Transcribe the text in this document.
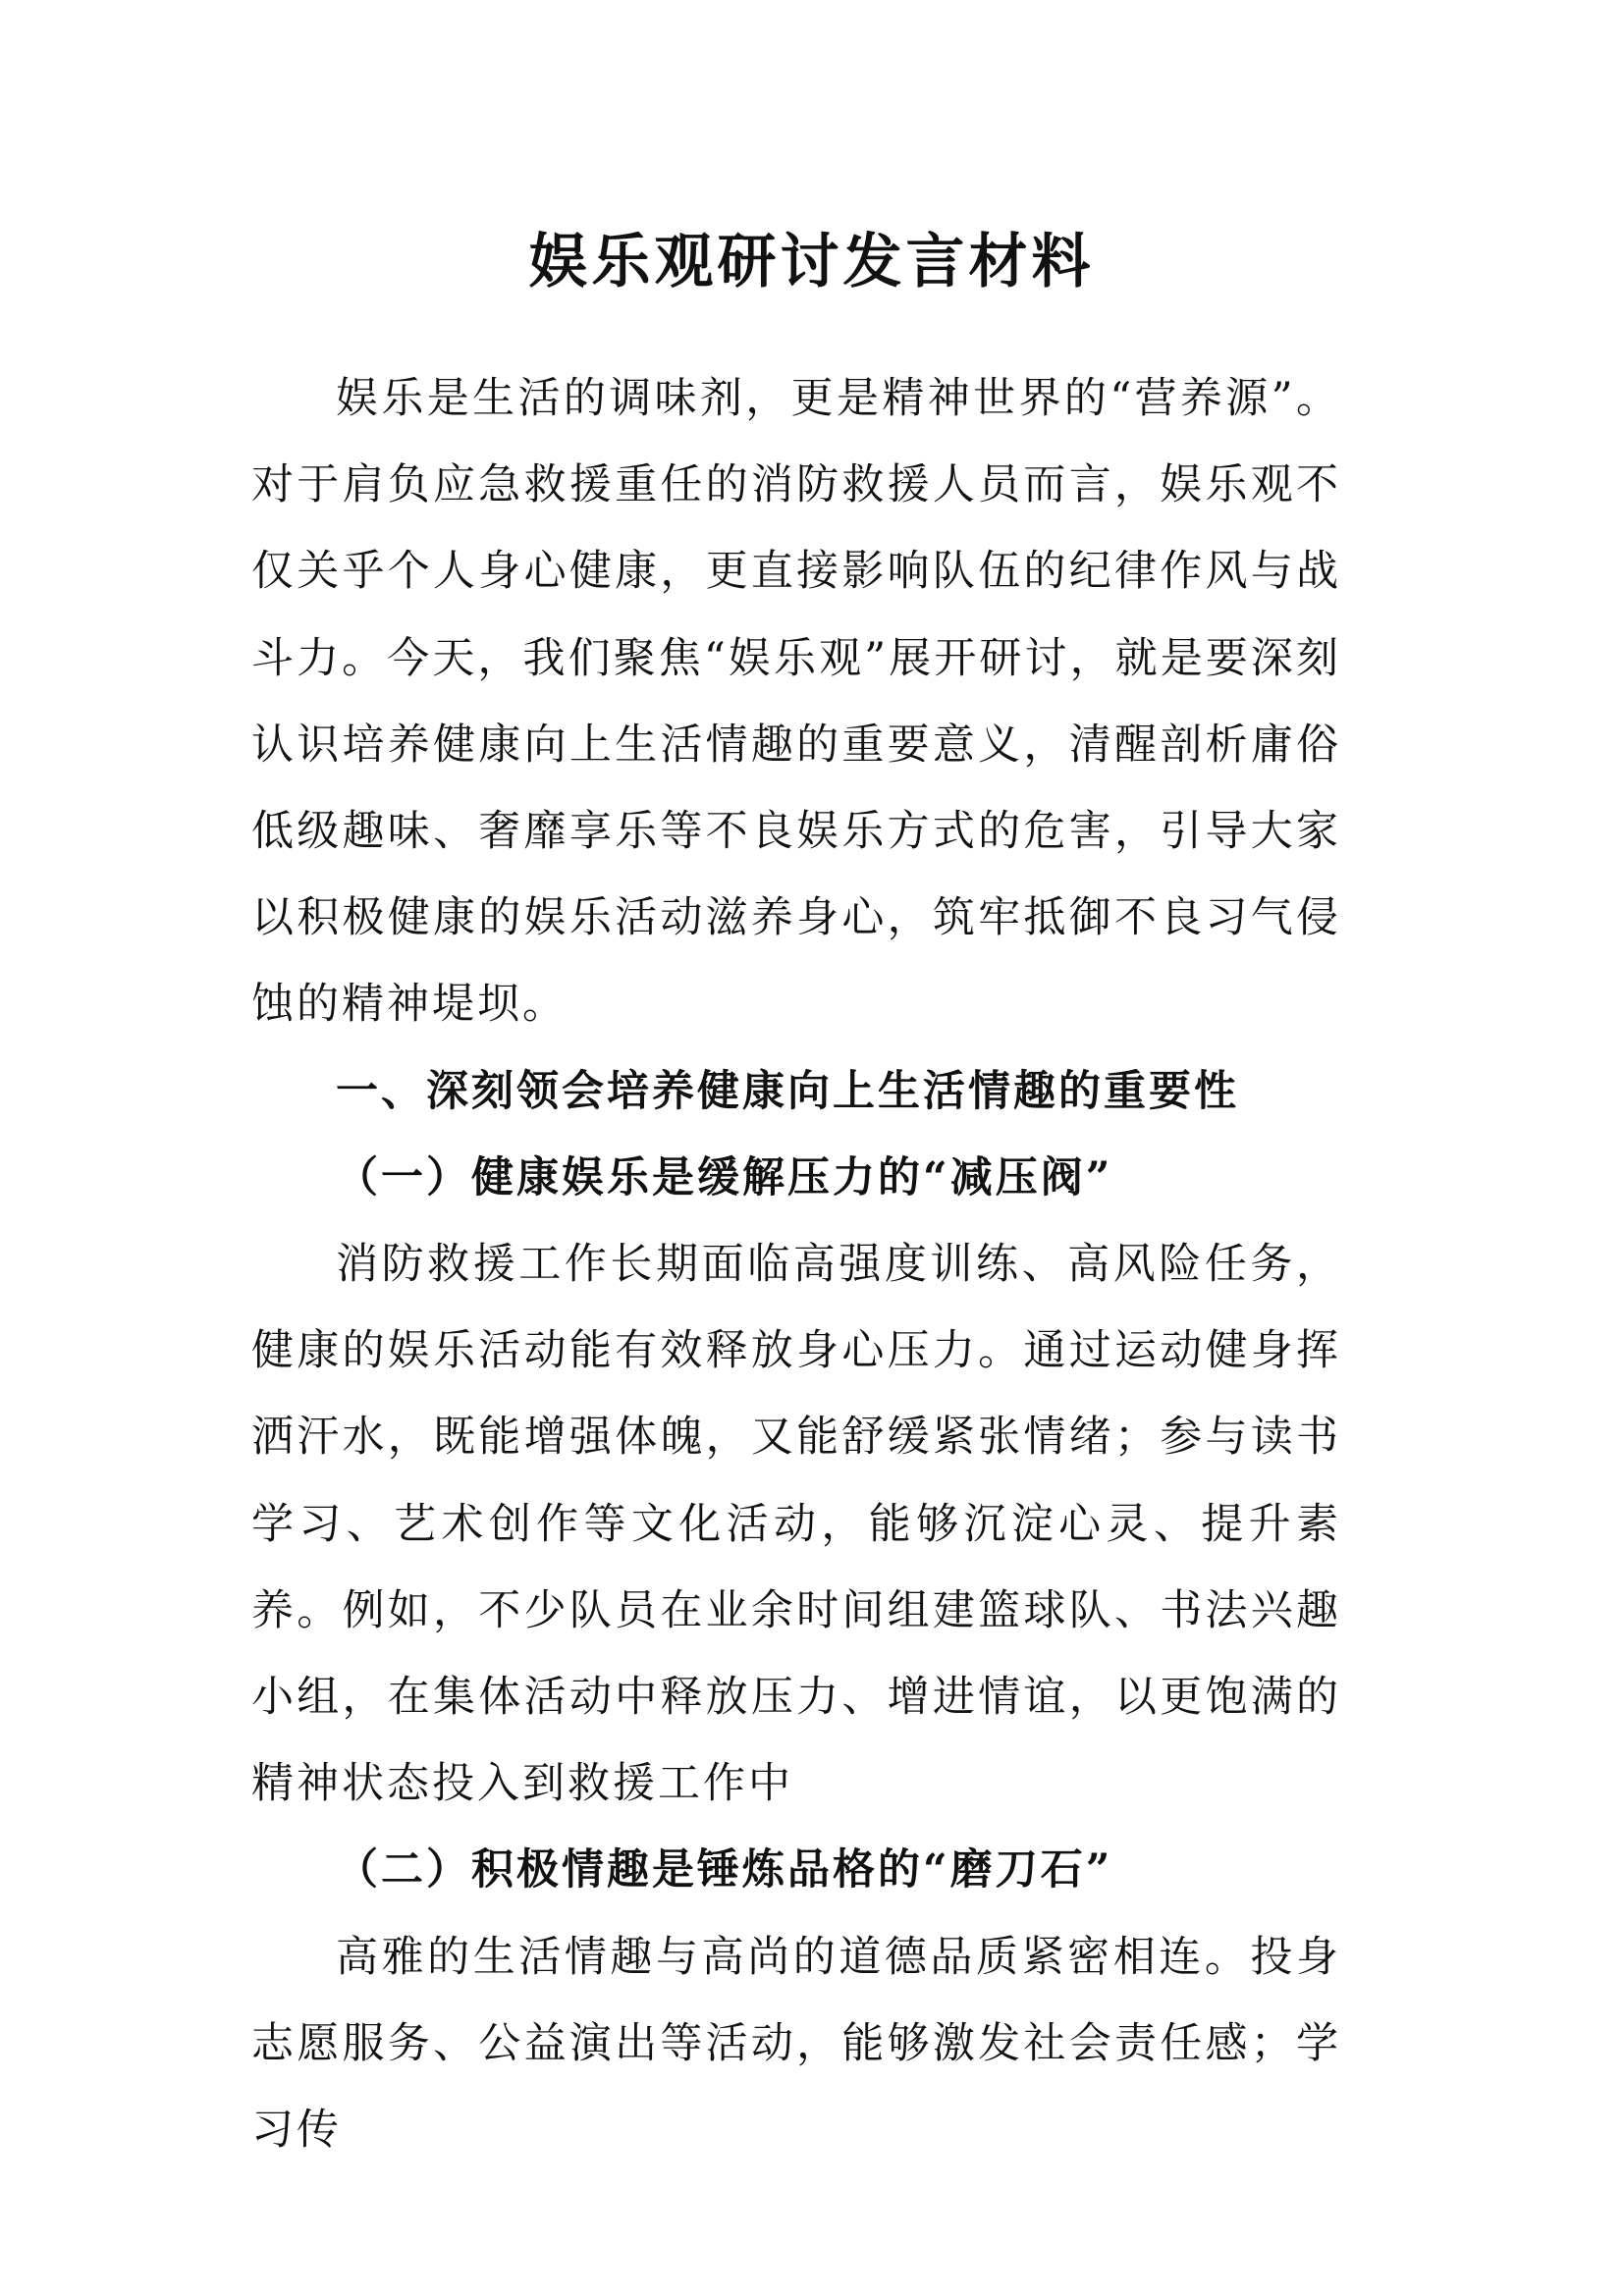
娱乐观研讨发言材料

娱乐是生活的调味剂，更是精神世界的“营养源”。对于肩负应急救援重任的消防救援人员而言，娱乐观不仅关乎个人身心健康，更直接影响队伍的纪律作风与战斗力。今天，我们聚焦“娱乐观”展开研讨，就是要深刻认识培养健康向上生活情趣的重要意义，清醒剖析庸俗低级趣味、奢靡享乐等不良娱乐方式的危害，引导大家以积极健康的娱乐活动滋养身心，筑牢抵御不良习气侵蚀的精神堤坝。

一、深刻领会培养健康向上生活情趣的重要性
（一）健康娱乐是缓解压力的“减压阀”

消防救援工作长期面临高强度训练、高风险任务，健康的娱乐活动能有效释放身心压力。通过运动健身挥洒汗水，既能增强体魄，又能舒缓紧张情绪；参与读书学习、艺术创作等文化活动，能够沉淀心灵、提升素养。例如，不少队员在业余时间组建篮球队、书法兴趣小组，在集体活动中释放压力、增进情谊，以更饱满的精神状态投入到救援工作中

（二）积极情趣是锤炼品格的“磨刀石”

高雅的生活情趣与高尚的道德品质紧密相连。投身志愿服务、公益演出等活动，能够激发社会责任感；学习传
